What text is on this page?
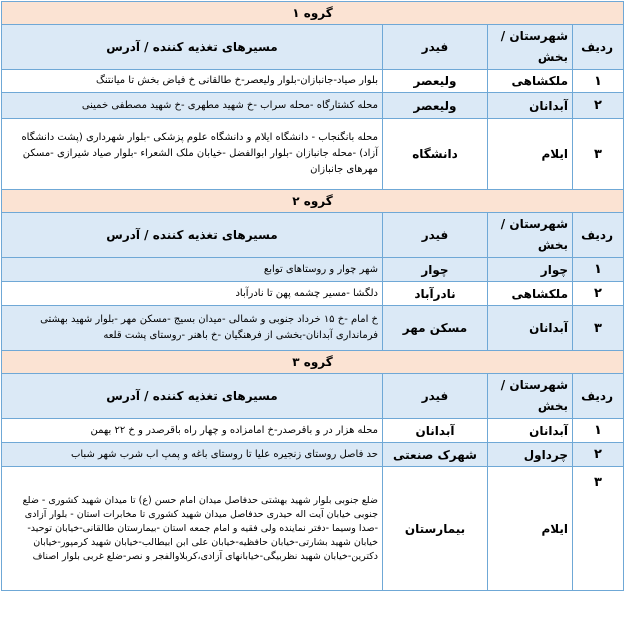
گروه ۱			
ردیف	شهرستان / بخش	فیدر	مسیرهای تغذیه کننده / آدرس
۱	ملکشاهی	ولیعصر	بلوار صیاد-جانبازان-بلوار ولیعصر-خ طالقانی خ فیاض بخش تا میانتنگ
۲	آبدانان	ولیعصر	محله کشتارگاه -محله سراب -خ شهید مطهری -خ شهید مصطفی خمینی
۳	ایلام	دانشگاه	محله بانگنجاب - دانشگاه ایلام و دانشگاه علوم پزشکی -بلوار شهرداری (پشت دانشگاه آزاد) -محله جانبازان -بلوار ابوالفضل -خیابان ملک الشعراء -بلوار صیاد شیرازی -مسکن مهرهای جانبازان
گروه ۲			
ردیف	شهرستان / بخش	فیدر	مسیرهای تغذیه کننده / آدرس
۱	چوار	چوار	شهر چوار و روستاهای توابع
۲	ملکشاهی	نادرآباد	دلگشا -مسیر چشمه پهن تا نادرآباد
۳	آبدانان	مسکن مهر	خ امام -خ ۱۵ خرداد جنوبی و شمالی -میدان بسیج -مسکن مهر -بلوار شهید بهشتی فرمانداری آبدانان-بخشی از فرهنگیان -خ باهنر -روستای پشت قلعه
گروه ۳			
ردیف	شهرستان / بخش	فیدر	مسیرهای تغذیه کننده / آدرس
۱	آبدانان	آبدانان	محله هزار در و باقرصدر-خ امامزاده و چهار راه باقرصدر و خ ۲۲ بهمن
۲	چرداول	شهرک صنعتی	حد فاصل روستای زنجیره علیا تا روستای باغه و پمپ اب شرب شهر شباب
۳	ایلام	بیمارستان	ضلع جنوبی بلوار شهید بهشتی حدفاصل میدان امام حسن (ع) تا میدان شهید کشوری - ضلع جنوبی خیابان آیت اله حیدری حدفاصل میدان شهید کشوری تا مخابرات استان - بلوار آزادی -صدا وسیما -دفتر نماینده ولی فقیه و امام جمعه استان -بیمارستان طالقانی-خیابان توحید-خیابان شهید بشارتی-خیابان حافظیه-خیابان علی ابن ابیطالب-خیابان شهید کرمپور-خیابان دکترین-خیابان شهید نظربیگی-خیابانهای آزادی،کربلاوالفجر و نصر-ضلع غربی بلوار اصناف
